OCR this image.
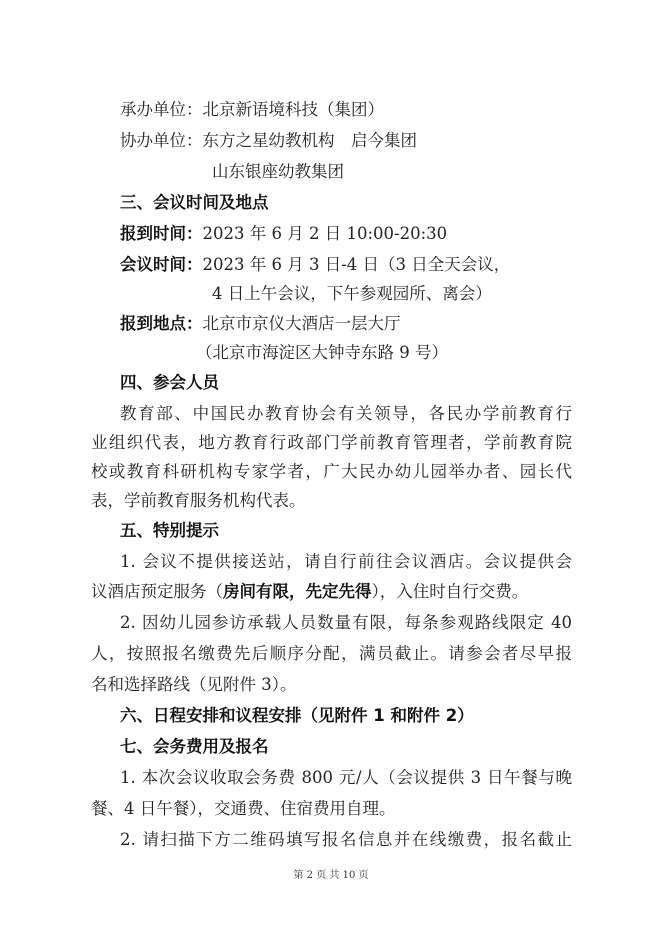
承办单位：北京新语境科技（集团）
协办单位：东方之星幼教机构　启今集团
山东银座幼教集团
三、会议时间及地点
报到时间：2023 年 6 月 2 日 10:00-20:30
会议时间：2023 年 6 月 3 日-4 日（3 日全天会议，
4 日上午会议，下午参观园所、离会）
报到地点：北京市京仪大酒店一层大厅
（北京市海淀区大钟寺东路 9 号）
四、参会人员
教育部、中国民办教育协会有关领导，各民办学前教育行
业组织代表，地方教育行政部门学前教育管理者，学前教育院
校或教育科研机构专家学者，广大民办幼儿园举办者、园长代
表，学前教育服务机构代表。
五、特别提示
1. 会议不提供接送站，请自行前往会议酒店。会议提供会
议酒店预定服务（房间有限，先定先得），入住时自行交费。
2. 因幼儿园参访承载人员数量有限，每条参观路线限定 40
人，按照报名缴费先后顺序分配，满员截止。请参会者尽早报
名和选择路线（见附件 3）。
六、日程安排和议程安排（见附件 1 和附件 2）
七、会务费用及报名
1. 本次会议收取会务费 800 元/人（会议提供 3 日午餐与晚
餐、4 日午餐），交通费、住宿费用自理。
2. 请扫描下方二维码填写报名信息并在线缴费，报名截止
第 2 页 共 10 页
